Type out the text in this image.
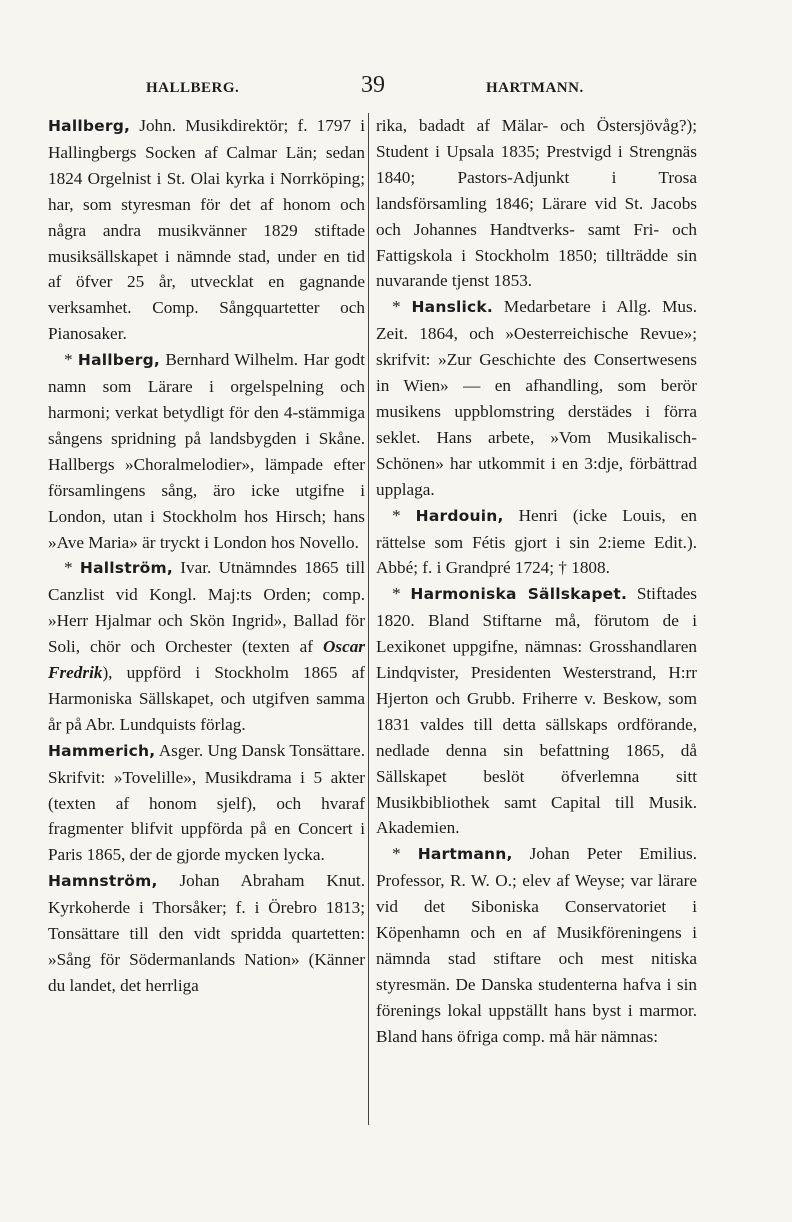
HALLBERG.	39	HARTMANN.

Hallberg, John. Musikdirektör; f. 1797 i Hallingbergs Socken af Calmar Län; sedan 1824 Orgelnist i St. Olai kyrka i Norrköping; har, som styresman för det af honom och några andra musikvänner 1829 stiftade musiksällskapet i nämnde stad, under en tid af öfver 25 år, utvecklat en gagnande verksamhet. Comp. Sångquartetter och Pianosaker.

* Hallberg, Bernhard Wilhelm. Har godt namn som Lärare i orgelspelning och harmoni; verkat betydligt för den 4-stämmiga sångens spridning på landsbygden i Skåne. Hallbergs »Choralmelodier», lämpade efter församlingens sång, äro icke utgifne i London, utan i Stockholm hos Hirsch; hans »Ave Maria» är tryckt i London hos Novello.

* Hallström, Ivar. Utnämndes 1865 till Canzlist vid Kongl. Maj:ts Orden; comp. »Herr Hjalmar och Skön Ingrid», Ballad för Soli, chör och Orchester (texten af Oscar Fredrik), uppförd i Stockholm 1865 af Harmoniska Sällskapet, och utgifven samma år på Abr. Lundquists förlag.

Hammerich, Asger. Ung Dansk Tonsättare. Skrifvit: »Tovelille», Musikdrama i 5 akter (texten af honom sjelf), och hvaraf fragmenter blifvit uppförda på en Concert i Paris 1865, der de gjorde mycken lycka.

Hamnström, Johan Abraham Knut. Kyrkoherde i Thorsåker; f. i Örebro 1813; Tonsättare till den vidt spridda quartetten: »Sång för Södermanlands Nation» (Känner du landet, det herrliga

rika, badadt af Mälar- och Östersjövåg?); Student i Upsala 1835; Prestvigd i Strengnäs 1840; Pastors-Adjunkt i Trosa landsförsamling 1846; Lärare vid St. Jacobs och Johannes Handtverks- samt Fri- och Fattigskola i Stockholm 1850; tillträdde sin nuvarande tjenst 1853.

* Hanslick. Medarbetare i Allg. Mus. Zeit. 1864, och »Oesterreichische Revue»; skrifvit: »Zur Geschichte des Consertwesens in Wien» — en afhandling, som berör musikens uppblomstring derstädes i förra seklet. Hans arbete, »Vom Musikalisch-Schönen» har utkommit i en 3:dje, förbättrad upplaga.

* Hardouin, Henri (icke Louis, en rättelse som Fétis gjort i sin 2:ieme Edit.). Abbé; f. i Grandpré 1724; † 1808.

* Harmoniska Sällskapet. Stiftades 1820. Bland Stiftarne må, förutom de i Lexikonet uppgifne, nämnas: Grosshandlaren Lindqvister, Presidenten Westerstrand, H:rr Hjerton och Grubb. Friherre v. Beskow, som 1831 valdes till detta sällskaps ordförande, nedlade denna sin befattning 1865, då Sällskapet beslöt öfverlemna sitt Musikbibliothek samt Capital till Musik. Akademien.

* Hartmann, Johan Peter Emilius. Professor, R. W. O.; elev af Weyse; var lärare vid det Siboniska Conservatoriet i Köpenhamn och en af Musikföreningens i nämnda stad stiftare och mest nitiska styresmän. De Danska studenterna hafva i sin förenings lokal uppställt hans byst i marmor. Bland hans öfriga comp. må här nämnas:
